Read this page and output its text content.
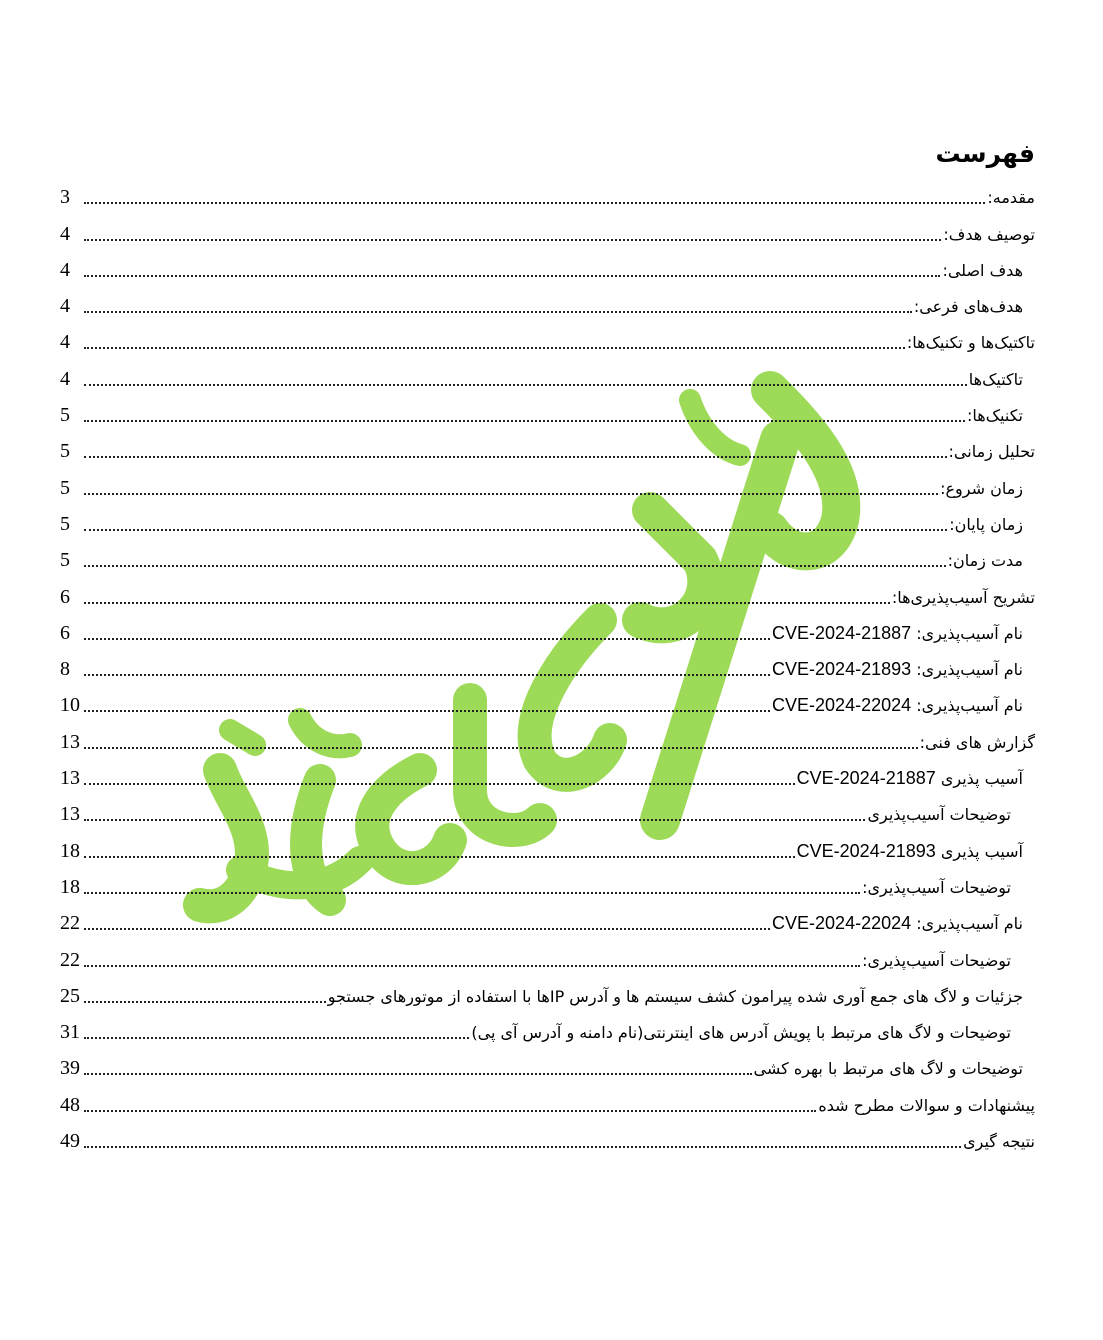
فهرست
مقدمه:
3
توصیف هدف:
4
هدف اصلی:
4
هدف‌های فرعی:
4
تاکتیک‌ها و تکنیک‌ها:
4
تاکتیک‌ها
4
تکنیک‌ها:
5
تحلیل زمانی:
5
زمان شروع:
5
زمان پایان:
5
مدت زمان:
5
تشریح آسیب‌پذیری‌ها:
6
نام آسیب‌پذیری: CVE-2024-21887
6
نام آسیب‌پذیری: CVE-2024-21893
8
نام آسیب‌پذیری: CVE-2024-22024
10
گزارش های فنی:
13
آسیب پذیری CVE-2024-21887
13
توضیحات آسیب‌پذیری
13
آسیب پذیری CVE-2024-21893
18
توضیحات آسیب‌پذیری:
18
نام آسیب‌پذیری: CVE-2024-22024
22
توضیحات آسیب‌پذیری:
22
جزئیات و لاگ های جمع آوری شده پیرامون کشف سیستم ها و آدرس IPها با استفاده از موتورهای جستجو
25
توضیحات و لاگ های مرتبط با پویش آدرس های اینترنتی(نام دامنه و آدرس آی پی)
31
توضیحات و لاگ های مرتبط با بهره کشی
39
پیشنهادات و سوالات مطرح شده
48
نتیجه گیری
49
